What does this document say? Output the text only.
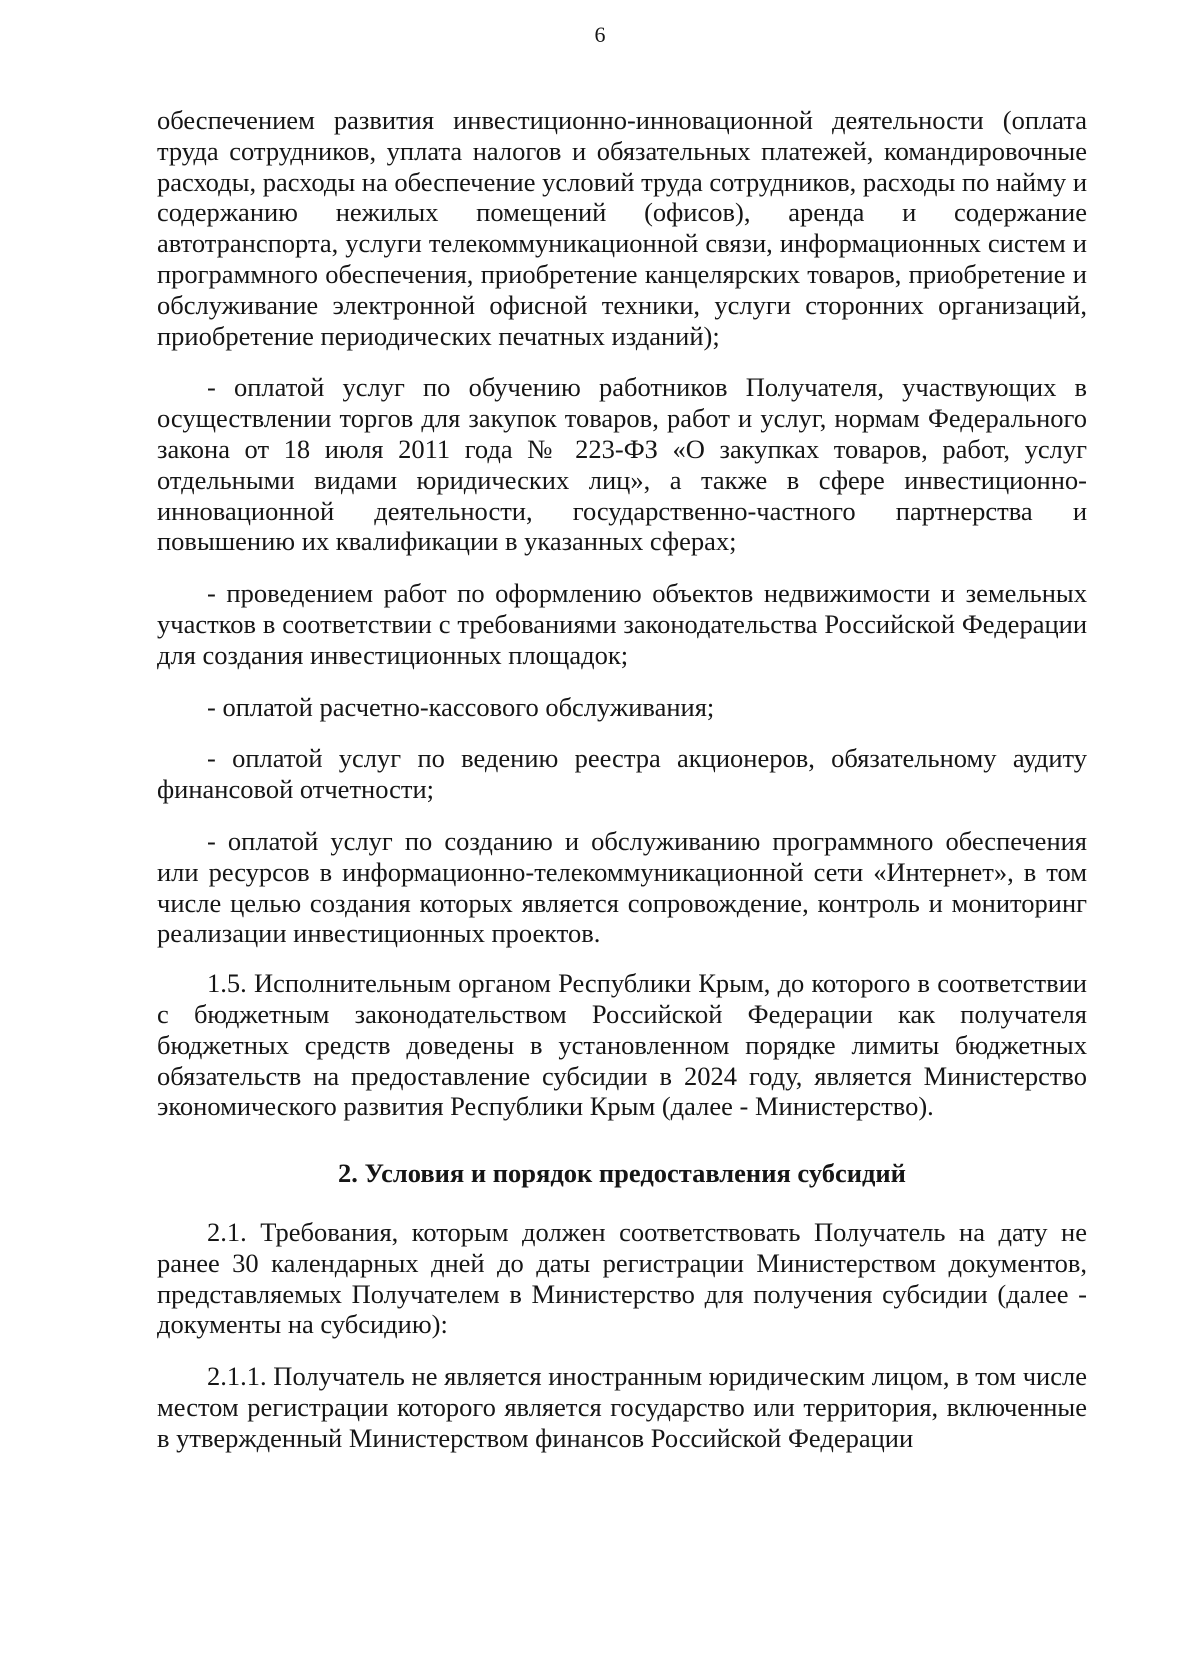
6

обеспечением развития инвестиционно-инновационной деятельности (оплата труда сотрудников, уплата налогов и обязательных платежей, командировочные расходы, расходы на обеспечение условий труда сотрудников, расходы по найму и содержанию нежилых помещений (офисов), аренда и содержание автотранспорта, услуги телекоммуникационной связи, информационных систем и программного обеспечения, приобретение канцелярских товаров, приобретение и обслуживание электронной офисной техники, услуги сторонних организаций, приобретение периодических печатных изданий);

- оплатой услуг по обучению работников Получателя, участвующих в осуществлении торгов для закупок товаров, работ и услуг, нормам Федерального закона от 18 июля 2011 года № 223-ФЗ «О закупках товаров, работ, услуг отдельными видами юридических лиц», а также в сфере инвестиционно-инновационной деятельности, государственно-частного партнерства и повышению их квалификации в указанных сферах;

- проведением работ по оформлению объектов недвижимости и земельных участков в соответствии с требованиями законодательства Российской Федерации для создания инвестиционных площадок;

- оплатой расчетно-кассового обслуживания;

- оплатой услуг по ведению реестра акционеров, обязательному аудиту финансовой отчетности;

- оплатой услуг по созданию и обслуживанию программного обеспечения или ресурсов в информационно-телекоммуникационной сети «Интернет», в том числе целью создания которых является сопровождение, контроль и мониторинг реализации инвестиционных проектов.

1.5. Исполнительным органом Республики Крым, до которого в соответствии с бюджетным законодательством Российской Федерации как получателя бюджетных средств доведены в установленном порядке лимиты бюджетных обязательств на предоставление субсидии в 2024 году, является Министерство экономического развития Республики Крым (далее - Министерство).

2. Условия и порядок предоставления субсидий

2.1. Требования, которым должен соответствовать Получатель на дату не ранее 30 календарных дней до даты регистрации Министерством документов, представляемых Получателем в Министерство для получения субсидии (далее - документы на субсидию):

2.1.1. Получатель не является иностранным юридическим лицом, в том числе местом регистрации которого является государство или территория, включенные в утвержденный Министерством финансов Российской Федерации
